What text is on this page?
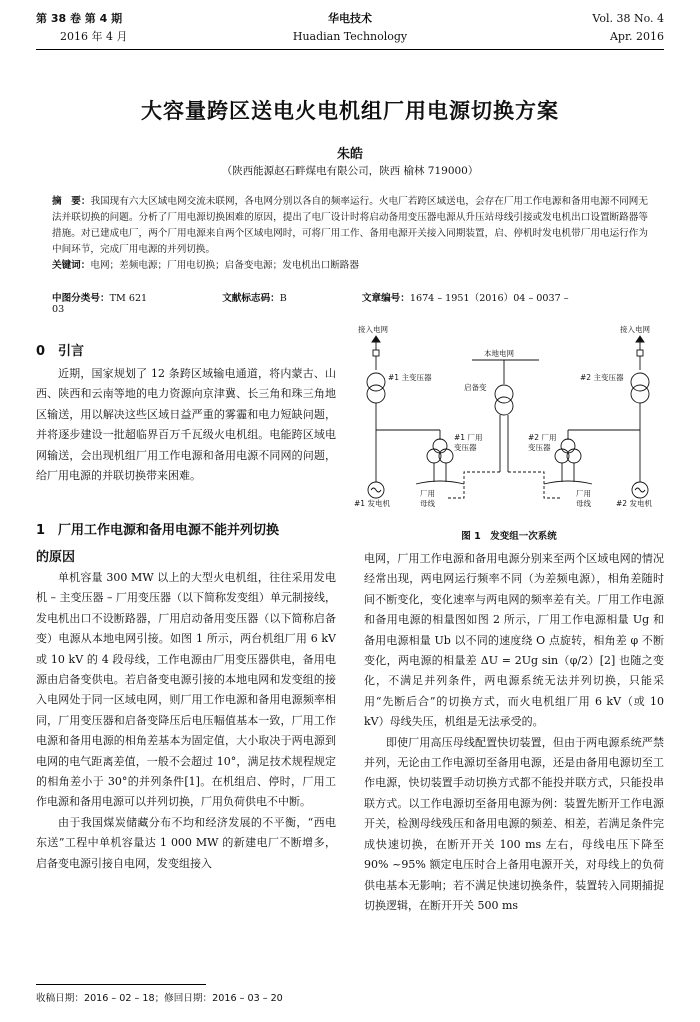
第 38 卷 第 4 期
2016 年 4 月
华电技术
Huadian Technology
Vol. 38 No. 4
Apr. 2016
大容量跨区送电火电机组厂用电源切换方案
朱皓
（陕西能源赵石畔煤电有限公司，陕西 榆林 719000）
摘　要：我国现有六大区域电网交流未联网，各电网分别以各自的频率运行。火电厂若跨区域送电，会存在厂用工作电源和备用电源不同网无法并联切换的问题。分析了厂用电源切换困难的原因，提出了电厂设计时将启动备用变压器电源从升压站母线引接或发电机出口设置断路器等措施。对已建成电厂，两个厂用电源来自两个区域电网时，可将厂用工作、备用电源开关接入同期装置，启、停机时发电机带厂用电运行作为中间环节，完成厂用电源的并列切换。
关键词：电网；差频电源；厂用电切换；启备变电源；发电机出口断路器
中图分类号：TM 621	文献标志码：B	文章编号：1674 – 1951（2016）04 – 0037 – 03
0　引言

近期，国家规划了 12 条跨区域输电通道，将内蒙古、山西、陕西和云南等地的电力资源向京津冀、长三角和珠三角地区输送，用以解决这些区域日益严重的雾霾和电力短缺问题，并将逐步建设一批超临界百万千瓦级火电机组。电能跨区域电网输送，会出现机组厂用工作电源和备用电源不同网的问题，给厂用电源的并联切换带来困难。

1　厂用工作电源和备用电源不能并列切换
的原因

单机容量 300 MW 以上的大型火电机组，往往采用发电机 – 主变压器 – 厂用变压器（以下简称发变组）单元制接线，发电机出口不设断路器，厂用启动备用变压器（以下简称启备变）电源从本地电网引接。如图 1 所示，两台机组厂用 6 kV 或 10 kV 的 4 段母线，工作电源由厂用变压器供电，备用电源由启备变供电。若启备变电源引接的本地电网和发变组的接入电网处于同一区域电网，则厂用工作电源和备用电源频率相同，厂用变压器和启备变降压后电压幅值基本一致，厂用工作电源和备用电源的相角差基本为固定值，大小取决于两电源到电网的电气距离差值，一般不会超过 10°，满足技术规程规定的相角差小于 30°的并列条件[1]。在机组启、停时，厂用工作电源和备用电源可以并列切换，厂用负荷供电不中断。

由于我国煤炭储藏分布不均和经济发展的不平衡，“西电东送”工程中单机容量达 1 000 MW 的新建电厂不断增多，启备变电源引接自电网，发变组接入

收稿日期：2016 – 02 – 18；修回日期：2016 – 03 – 20
接入电网	接入电网
本地电网
#1 主变压器	#2 主变压器
启备变
#1 厂用
变压器
#2 厂用
变压器
#1 发电机	#2 发电机
厂用
母线
厂用
母线
图 1　发变组一次系统

电网，厂用工作电源和备用电源分别来至两个区域电网的情况经常出现，两电网运行频率不同（为差频电源），相角差随时间不断变化，变化速率与两电网的频率差有关。厂用工作电源和备用电源的相量图如图 2 所示，厂用工作电源相量 Ug 和备用电源相量 Ub 以不同的速度绕 O 点旋转，相角差 φ 不断变化，两电源的相量差 ΔU = 2Ug sin（φ/2）[2] 也随之变化，不满足并列条件，两电源系统无法并列切换，只能采用“先断后合”的切换方式，而火电机组厂用 6 kV（或 10 kV）母线失压，机组是无法承受的。

即使厂用高压母线配置快切装置，但由于两电源系统严禁并列，无论由工作电源切至备用电源，还是由备用电源切至工作电源，快切装置手动切换方式都不能投并联方式，只能投串联方式。以工作电源切至备用电源为例：装置先断开工作电源开关，检测母线残压和备用电源的频差、相差，若满足条件完成快速切换，在断开开关 100 ms 左右，母线电压下降至 90% ~95% 额定电压时合上备用电源开关，对母线上的负荷供电基本无影响；若不满足快速切换条件，装置转入同期捕捉切换逻辑，在断开开关 500 ms
